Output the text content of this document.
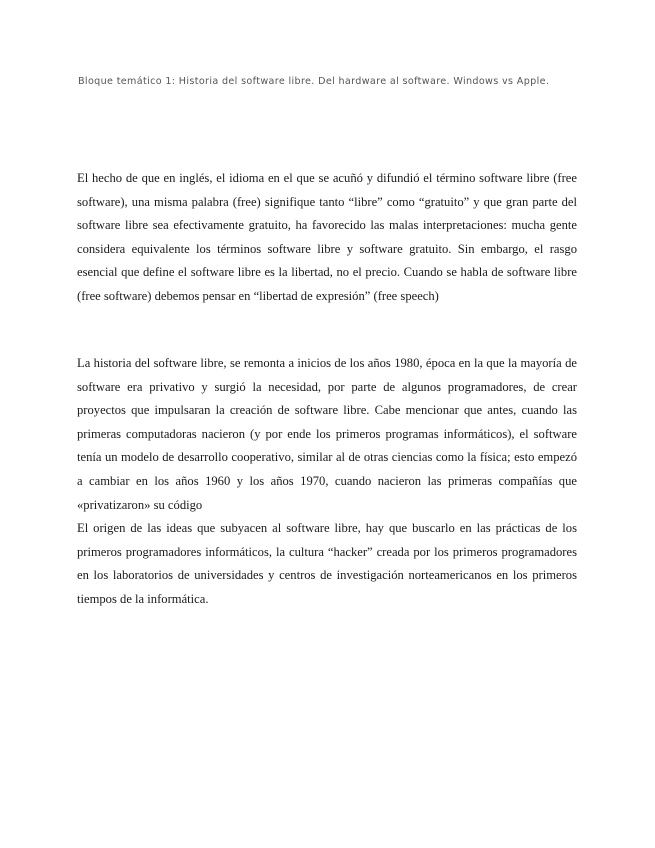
Bloque temático 1: Historia del software libre. Del hardware al software. Windows vs Apple.

El hecho de que en inglés, el idioma en el que se acuñó y difundió el término software libre (free software), una misma palabra (free) signifique tanto “libre” como “gratuito” y que gran parte del software libre sea efectivamente gratuito, ha favorecido las malas interpretaciones: mucha gente considera equivalente los términos software libre y software gratuito. Sin embargo, el rasgo esencial que define el software libre es la libertad, no el precio. Cuando se habla de software libre (free software) debemos pensar en “libertad de expresión” (free speech)

La historia del software libre, se remonta a inicios de los años 1980, época en la que la mayoría de software era privativo y surgió la necesidad, por parte de algunos programadores, de crear proyectos que impulsaran la creación de software libre. Cabe mencionar que antes, cuando las primeras computadoras nacieron (y por ende los primeros programas informáticos), el software tenía un modelo de desarrollo cooperativo, similar al de otras ciencias como la física; esto empezó a cambiar en los años 1960 y los años 1970, cuando nacieron las primeras compañías que «privatizaron» su código

El origen de las ideas que subyacen al software libre, hay que buscarlo en las prácticas de los primeros programadores informáticos, la cultura “hacker” creada por los primeros programadores en los laboratorios de universidades y centros de investigación norteamericanos en los primeros tiempos de la informática.
